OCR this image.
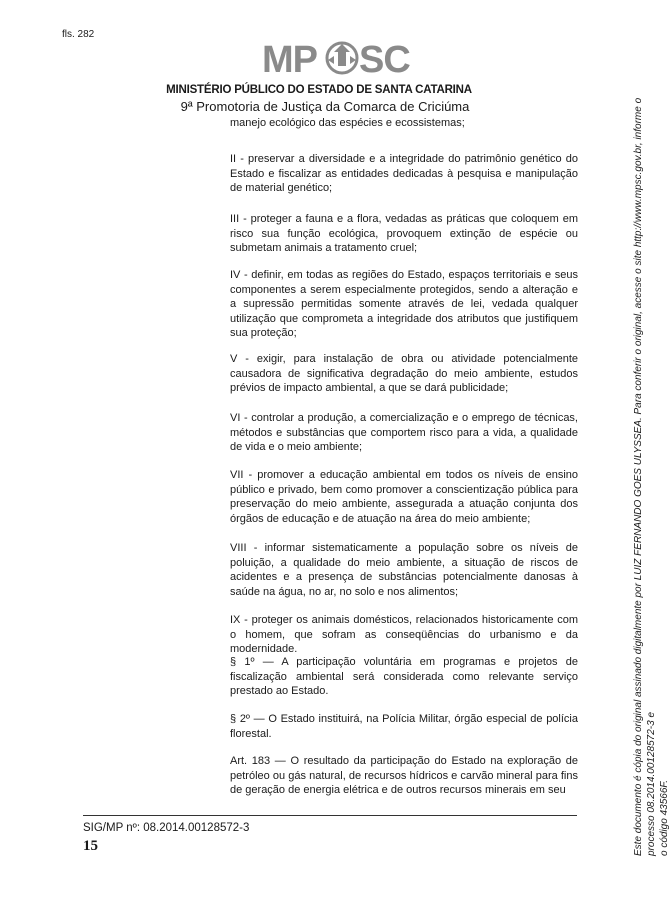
fls. 282
MP SC
MINISTÉRIO PÚBLICO DO ESTADO DE SANTA CATARINA
9ª Promotoria de Justiça da Comarca de Criciúma

manejo ecológico das espécies e ecossistemas;

II - preservar a diversidade e a integridade do patrimônio genético do Estado e fiscalizar as entidades dedicadas à pesquisa e manipulação de material genético;

III - proteger a fauna e a flora, vedadas as práticas que coloquem em risco sua função ecológica, provoquem extinção de espécie ou submetam animais a tratamento cruel;

IV - definir, em todas as regiões do Estado, espaços territoriais e seus componentes a serem especialmente protegidos, sendo a alteração e a supressão permitidas somente através de lei, vedada qualquer utilização que comprometa a integridade dos atributos que justifiquem sua proteção;

V - exigir, para instalação de obra ou atividade potencialmente causadora de significativa degradação do meio ambiente, estudos prévios de impacto ambiental, a que se dará publicidade;

VI - controlar a produção, a comercialização e o emprego de técnicas, métodos e substâncias que comportem risco para a vida, a qualidade de vida e o meio ambiente;

VII - promover a educação ambiental em todos os níveis de ensino público e privado, bem como promover a conscientização pública para preservação do meio ambiente, assegurada a atuação conjunta dos órgãos de educação e de atuação na área do meio ambiente;

VIII - informar sistematicamente a população sobre os níveis de poluição, a qualidade do meio ambiente, a situação de riscos de acidentes e a presença de substâncias potencialmente danosas à saúde na água, no ar, no solo e nos alimentos;

IX - proteger os animais domésticos, relacionados historicamente com o homem, que sofram as conseqüências do urbanismo e da modernidade.

§ 1º — A participação voluntária em programas e projetos de fiscalização ambiental será considerada como relevante serviço prestado ao Estado.

§ 2º — O Estado instituirá, na Polícia Militar, órgão especial de polícia florestal.

Art. 183 — O resultado da participação do Estado na exploração de petróleo ou gás natural, de recursos hídricos e carvão mineral para fins de geração de energia elétrica e de outros recursos minerais em seu

SIG/MP nº: 08.2014.00128572-3
15	Este documento é cópia do original assinado digitalmente por LUIZ FERNANDO GOES ULYSSEA. Para conferir o original, acesse o site http://www.mpsc.gov.br, informe o processo 08.2014.00128572-3 e o código 43566F.
